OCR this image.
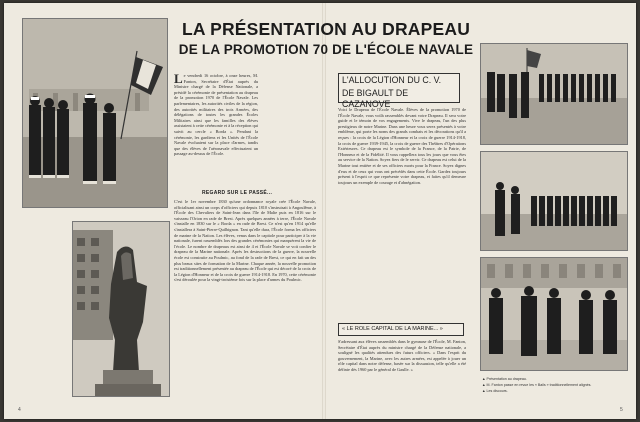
LA PRÉSENTATION AU DRAPEAU
DE LA PROMOTION 70 DE L'ÉCOLE NAVALE
L e vendredi 16 octobre, à onze heures, M. Fanton, Secrétaire d'État auprès du Ministre chargé de la Défense Nationale, a présidé la cérémonie de présentation au drapeau de la promotion 1970 de l'École Navale. Les parlementaires, les autorités civiles de la région, des autorités militaires des trois Armées, des délégations de toutes les grandes Écoles Militaires ainsi que les familles des élèves assistaient à cette cérémonie et à la réception qui suivit au cercle « Borda ». Pendant la cérémonie, les gardiens et les Unités de l'École Navale évoluaient sur la place d'armes, tandis que des élèves de l'aéronavale effectuaient un passage au-dessus de l'École.
REGARD SUR LE PASSÉ...
C'est le 1er novembre 1830 qu'une ordonnance royale crée l'École Navale, officialisant ainsi un corps d'officiers qui depuis 1810 s'instruisait à Angoulême, à l'École des Chevaliers de Saint-Jean dans l'île de Malte puis en 1816 sur le vaisseau l'Orion en rade de Brest. Après quelques années à terre, l'École Navale s'installe en 1830 sur le « Borda » en rade de Brest. Ce n'est qu'en 1914 qu'elle s'installera à Saint-Pierre-Quilbignon. Tant qu'elle dura, l'École forma les officiers de marine de la Nation. Les élèves, venus dans le capitole pour participer à la vie nationale, furent rassemblés lors des grandes cérémonies qui marquèrent la vie de l'école. Le nombre de drapeaux est ainsi de 4 et l'École Navale se voit confier le drapeau de la Marine nationale. Après les destructions de la guerre, la nouvelle école est construite au Poulmic, au fond de la rade de Brest, ce qui en fait un des plus beaux sites de formation de la Marine. Chaque année, la nouvelle promotion est traditionnellement présentée au drapeau de l'École qui est décoré de la croix de la Légion d'Honneur et de la croix de guerre 1914-1918. En 1970, cette cérémonie s'est déroulée pour la vingt-troisième fois sur la place d'armes du Poulmic.
L'ALLOCUTION DU C. V.
DE BIGAULT DE CAZANOVE
Voici le Drapeau de l'École Navale. Élèves de la promotion 1970 de l'École Navale, vous voilà rassemblés devant votre Drapeau. Il sera votre guide et le témoin de vos engagements. Vive le drapeau, l'un des plus prestigieux de notre Marine. Dans une heure vous serez présentés à votre emblème, qui porte les noms des grands combats et les décorations qu'il a reçues : la croix de la Légion d'Honneur et la croix de guerre 1914-1918, la croix de guerre 1939-1945, la croix de guerre des Théâtres d'Opérations Extérieures. Ce drapeau est le symbole de la France, de la Patrie, de l'Honneur et de la Fidélité. Il vous rappellera tous les jours que vous êtes au service de la Nation. Soyez fiers de le servir. Ce drapeau est celui de la Marine tout entière et de ses officiers morts pour la France. Soyez dignes d'eux et de ceux qui vous ont précédés dans cette École. Gardez toujours présent à l'esprit ce que représente votre drapeau, et faites qu'il demeure toujours un exemple de courage et d'abnégation.
« LE ROLE CAPITAL DE LA MARINE... »
S'adressant aux élèves rassemblés dans le gymnase de l'École, M. Fanton, Secrétaire d'État auprès du ministre chargé de la Défense nationale, a souligné les qualités attendues des futurs officiers. « Dans l'esprit du gouvernement, la Marine, avec les autres armées, est appelée à jouer un rôle capital dans notre défense, basée sur la dissuasion, telle qu'elle a été définie dès 1960 par le général de Gaulle. »
▲ Présentation au drapeau.
▲ M. Fanton passe en revue les « Bails » traditionnellement alignés.
▲ Les discours.
4	5
